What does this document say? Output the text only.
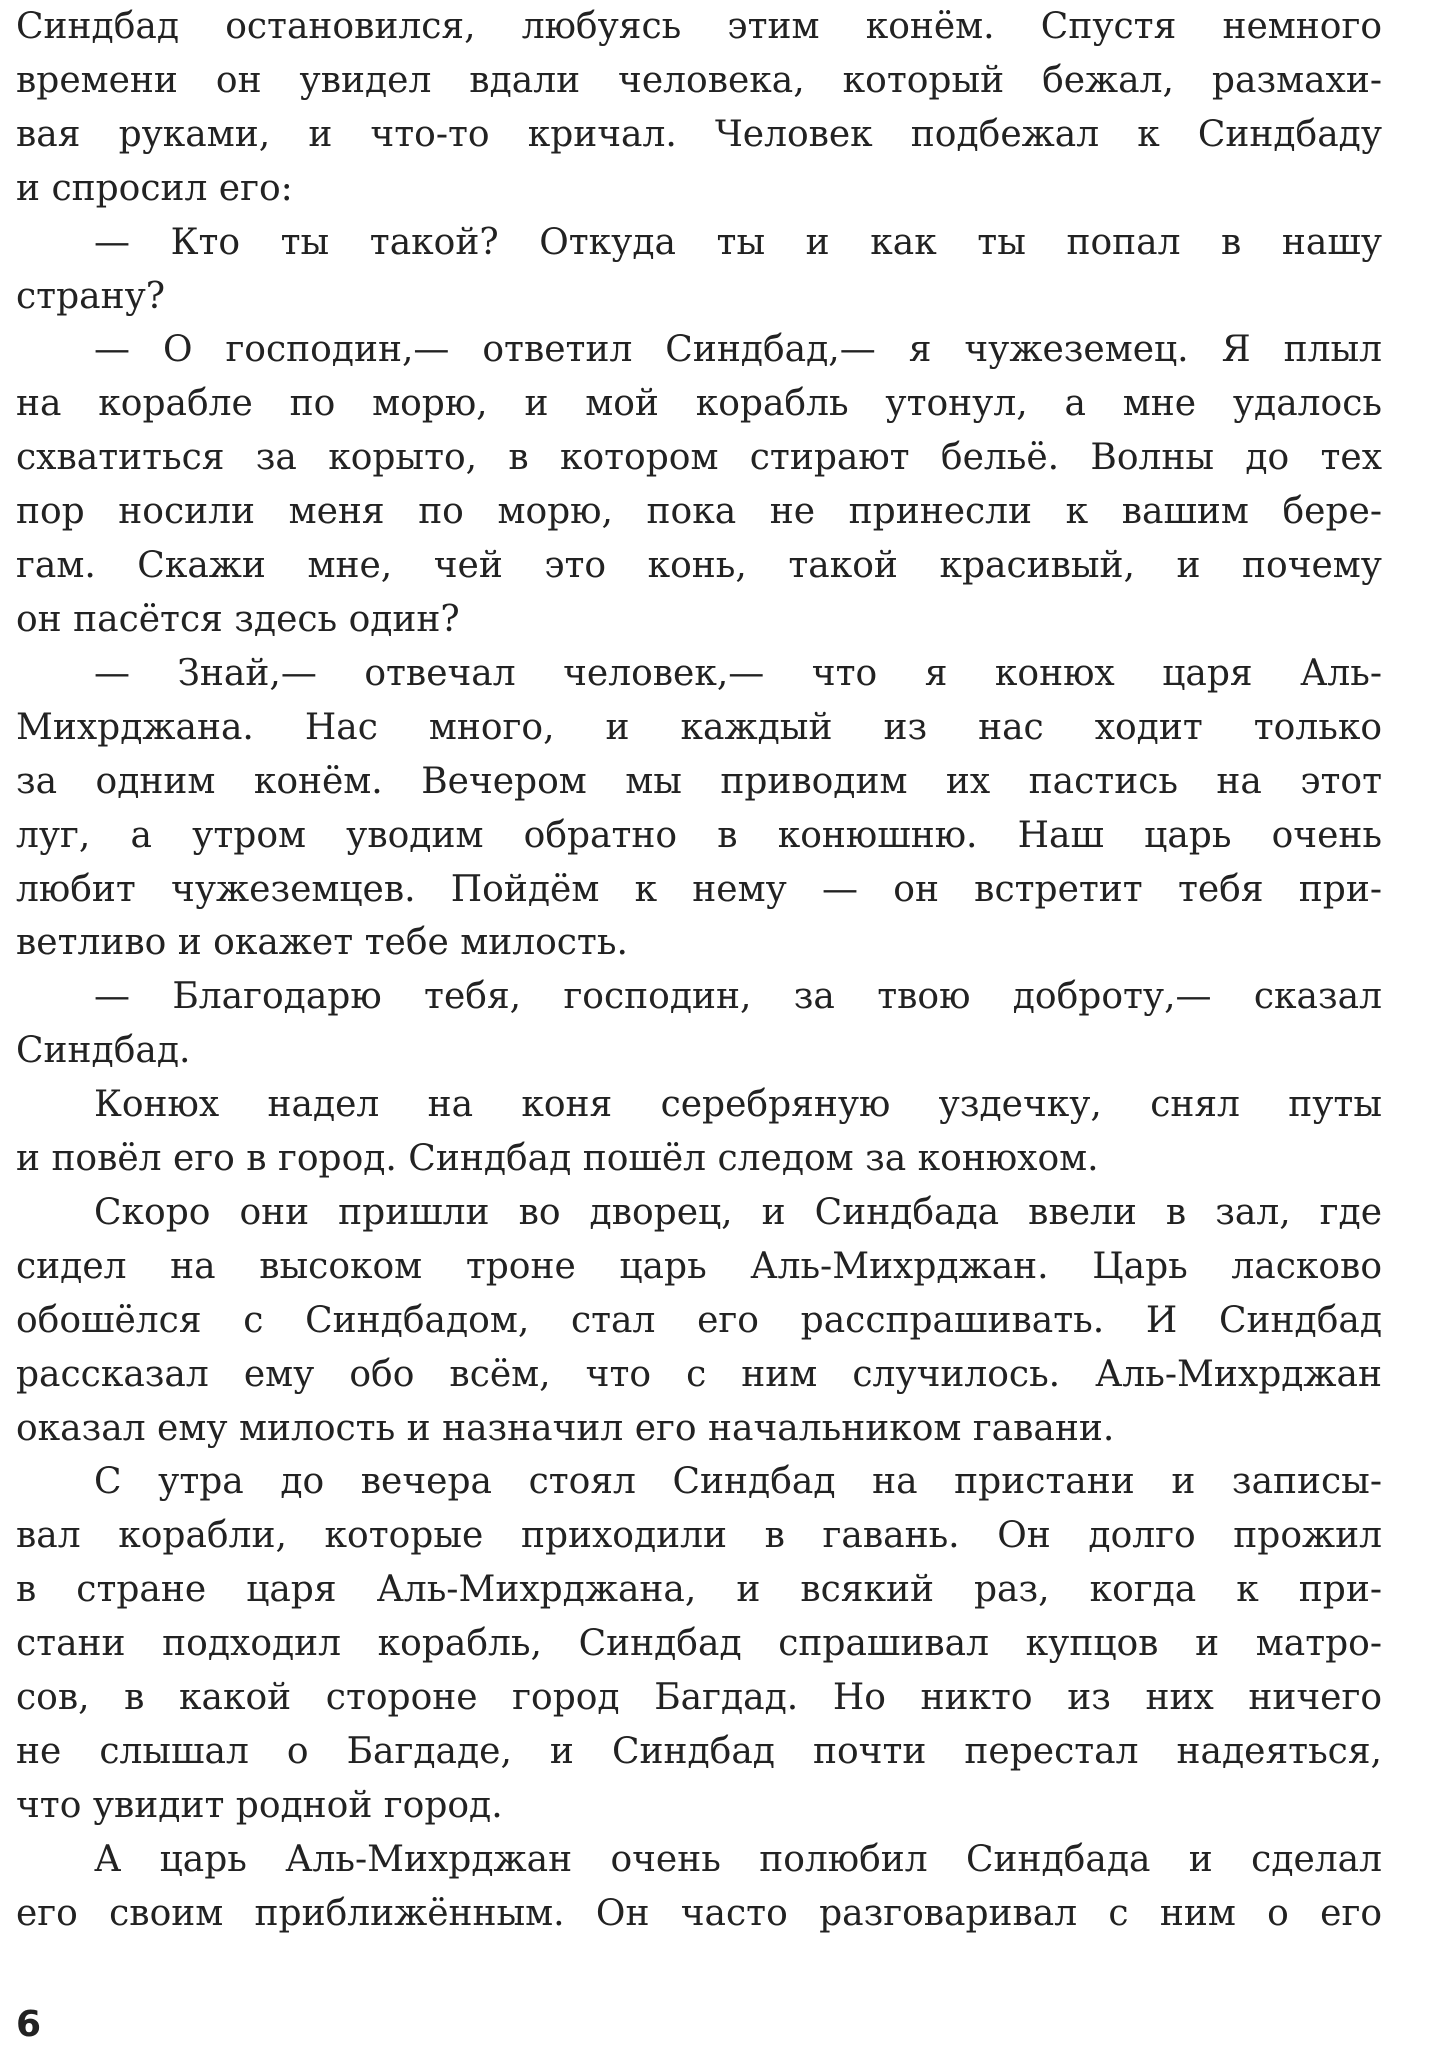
Синдбад остановился, любуясь этим конём. Спустя немного

времени он увидел вдали человека, который бежал, размахи-

вая руками, и что-то кричал. Человек подбежал к Синдбаду

и спросил его:

— Кто ты такой? Откуда ты и как ты попал в нашу

страну?

— О господин,— ответил Синдбад,— я чужеземец. Я плыл

на корабле по морю, и мой корабль утонул, а мне удалось

схватиться за корыто, в котором стирают бельё. Волны до тех

пор носили меня по морю, пока не принесли к вашим бере-

гам. Скажи мне, чей это конь, такой красивый, и почему

он пасётся здесь один?

— Знай,— отвечал человек,— что я конюх царя Аль-

Михрджана. Нас много, и каждый из нас ходит только

за одним конём. Вечером мы приводим их пастись на этот

луг, а утром уводим обратно в конюшню. Наш царь очень

любит чужеземцев. Пойдём к нему — он встретит тебя при-

ветливо и окажет тебе милость.

— Благодарю тебя, господин, за твою доброту,— сказал

Синдбад.

Конюх надел на коня серебряную уздечку, снял путы

и повёл его в город. Синдбад пошёл следом за конюхом.

Скоро они пришли во дворец, и Синдбада ввели в зал, где

сидел на высоком троне царь Аль-Михрджан. Царь ласково

обошёлся с Синдбадом, стал его расспрашивать. И Синдбад

рассказал ему обо всём, что с ним случилось. Аль-Михрджан

оказал ему милость и назначил его начальником гавани.

С утра до вечера стоял Синдбад на пристани и записы-

вал корабли, которые приходили в гавань. Он долго прожил

в стране царя Аль-Михрджана, и всякий раз, когда к при-

стани подходил корабль, Синдбад спрашивал купцов и матро-

сов, в какой стороне город Багдад. Но никто из них ничего

не слышал о Багдаде, и Синдбад почти перестал надеяться,

что увидит родной город.

А царь Аль-Михрджан очень полюбил Синдбада и сделал

его своим приближённым. Он часто разговаривал с ним о его

6
